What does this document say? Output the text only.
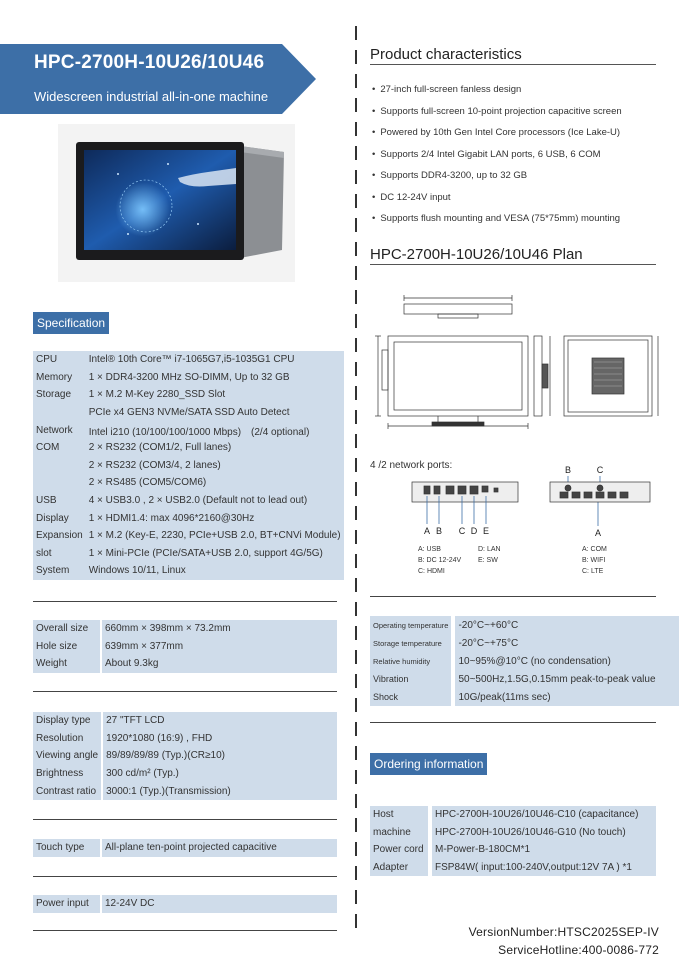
HPC-2700H-10U26/10U46
Widescreen industrial all-in-one machine
Specification
CPU		Intel® 10th Core™ i7-1065G7,i5-1035G1 CPU
Memory		1 × DDR4-3200 MHz SO-DIMM, Up to 32 GB
Storage		1 × M.2 M-Key 2280_SSD Slot
		PCIe x4 GEN3 NVMe/SATA SSD Auto Detect
Network		Intel i210 (10/100/100/1000 Mbps)　(2/4 optional)
COM		2 × RS232 (COM1/2, Full lanes)
		2 × RS232 (COM3/4, 2 lanes)
		2 × RS485 (COM5/COM6)
USB		4 × USB3.0 , 2 × USB2.0 (Default not to lead out)
Display		1 × HDMI1.4: max 4096*2160@30Hz
Expansion		1 × M.2 (Key-E, 2230, PCIe+USB 2.0, BT+CNVi Module)
slot		1 × Mini-PCIe (PCIe/SATA+USB 2.0, support 4G/5G)
System		Windows 10/11, Linux
Overall size		660mm × 398mm × 73.2mm
Hole size		639mm × 377mm
Weight		About 9.3kg
Display type		27 "TFT LCD
Resolution		1920*1080 (16:9) , FHD
Viewing angle		89/89/89/89 (Typ.)(CR≥10)
Brightness		300 cd/m² (Typ.)
Contrast ratio		3000:1 (Typ.)(Transmission)
Touch type		All-plane ten-point projected capacitive
Power input		12-24V DC
Product characteristics
• 27-inch full-screen fanless design
• Supports full-screen 10-point projection capacitive screen
• Powered by 10th Gen Intel Core processors (Ice Lake-U)
• Supports 2/4 Intel Gigabit LAN ports, 6 USB, 6 COM
• Supports DDR4-3200, up to 32 GB
• DC 12-24V input
• Supports flush mounting and VESA (75*75mm) mounting
HPC-2700H-10U26/10U46 Plan
4 /2 network ports:
A B C D E
B	C
A
A: USB
B: DC 12-24V
C: HDMI
D: LAN
E: SW
A: COM
B: WIFI
C: LTE
Operating temperature		-20°C~+60°C
Storage temperature		-20°C~+75°C
Relative humidity		10~95%@10°C (no condensation)
Vibration		50~500Hz,1.5G,0.15mm peak-to-peak value
Shock		10G/peak(11ms sec)
Ordering information
Host		HPC-2700H-10U26/10U46-C10 (capacitance)
machine		HPC-2700H-10U26/10U46-G10 (No touch)
Power cord		M-Power-B-180CM*1
Adapter		FSP84W( input:100-240V,output:12V 7A ) *1
VersionNumber:HTSC2025SEP-IV
ServiceHotline:400-0086-772
